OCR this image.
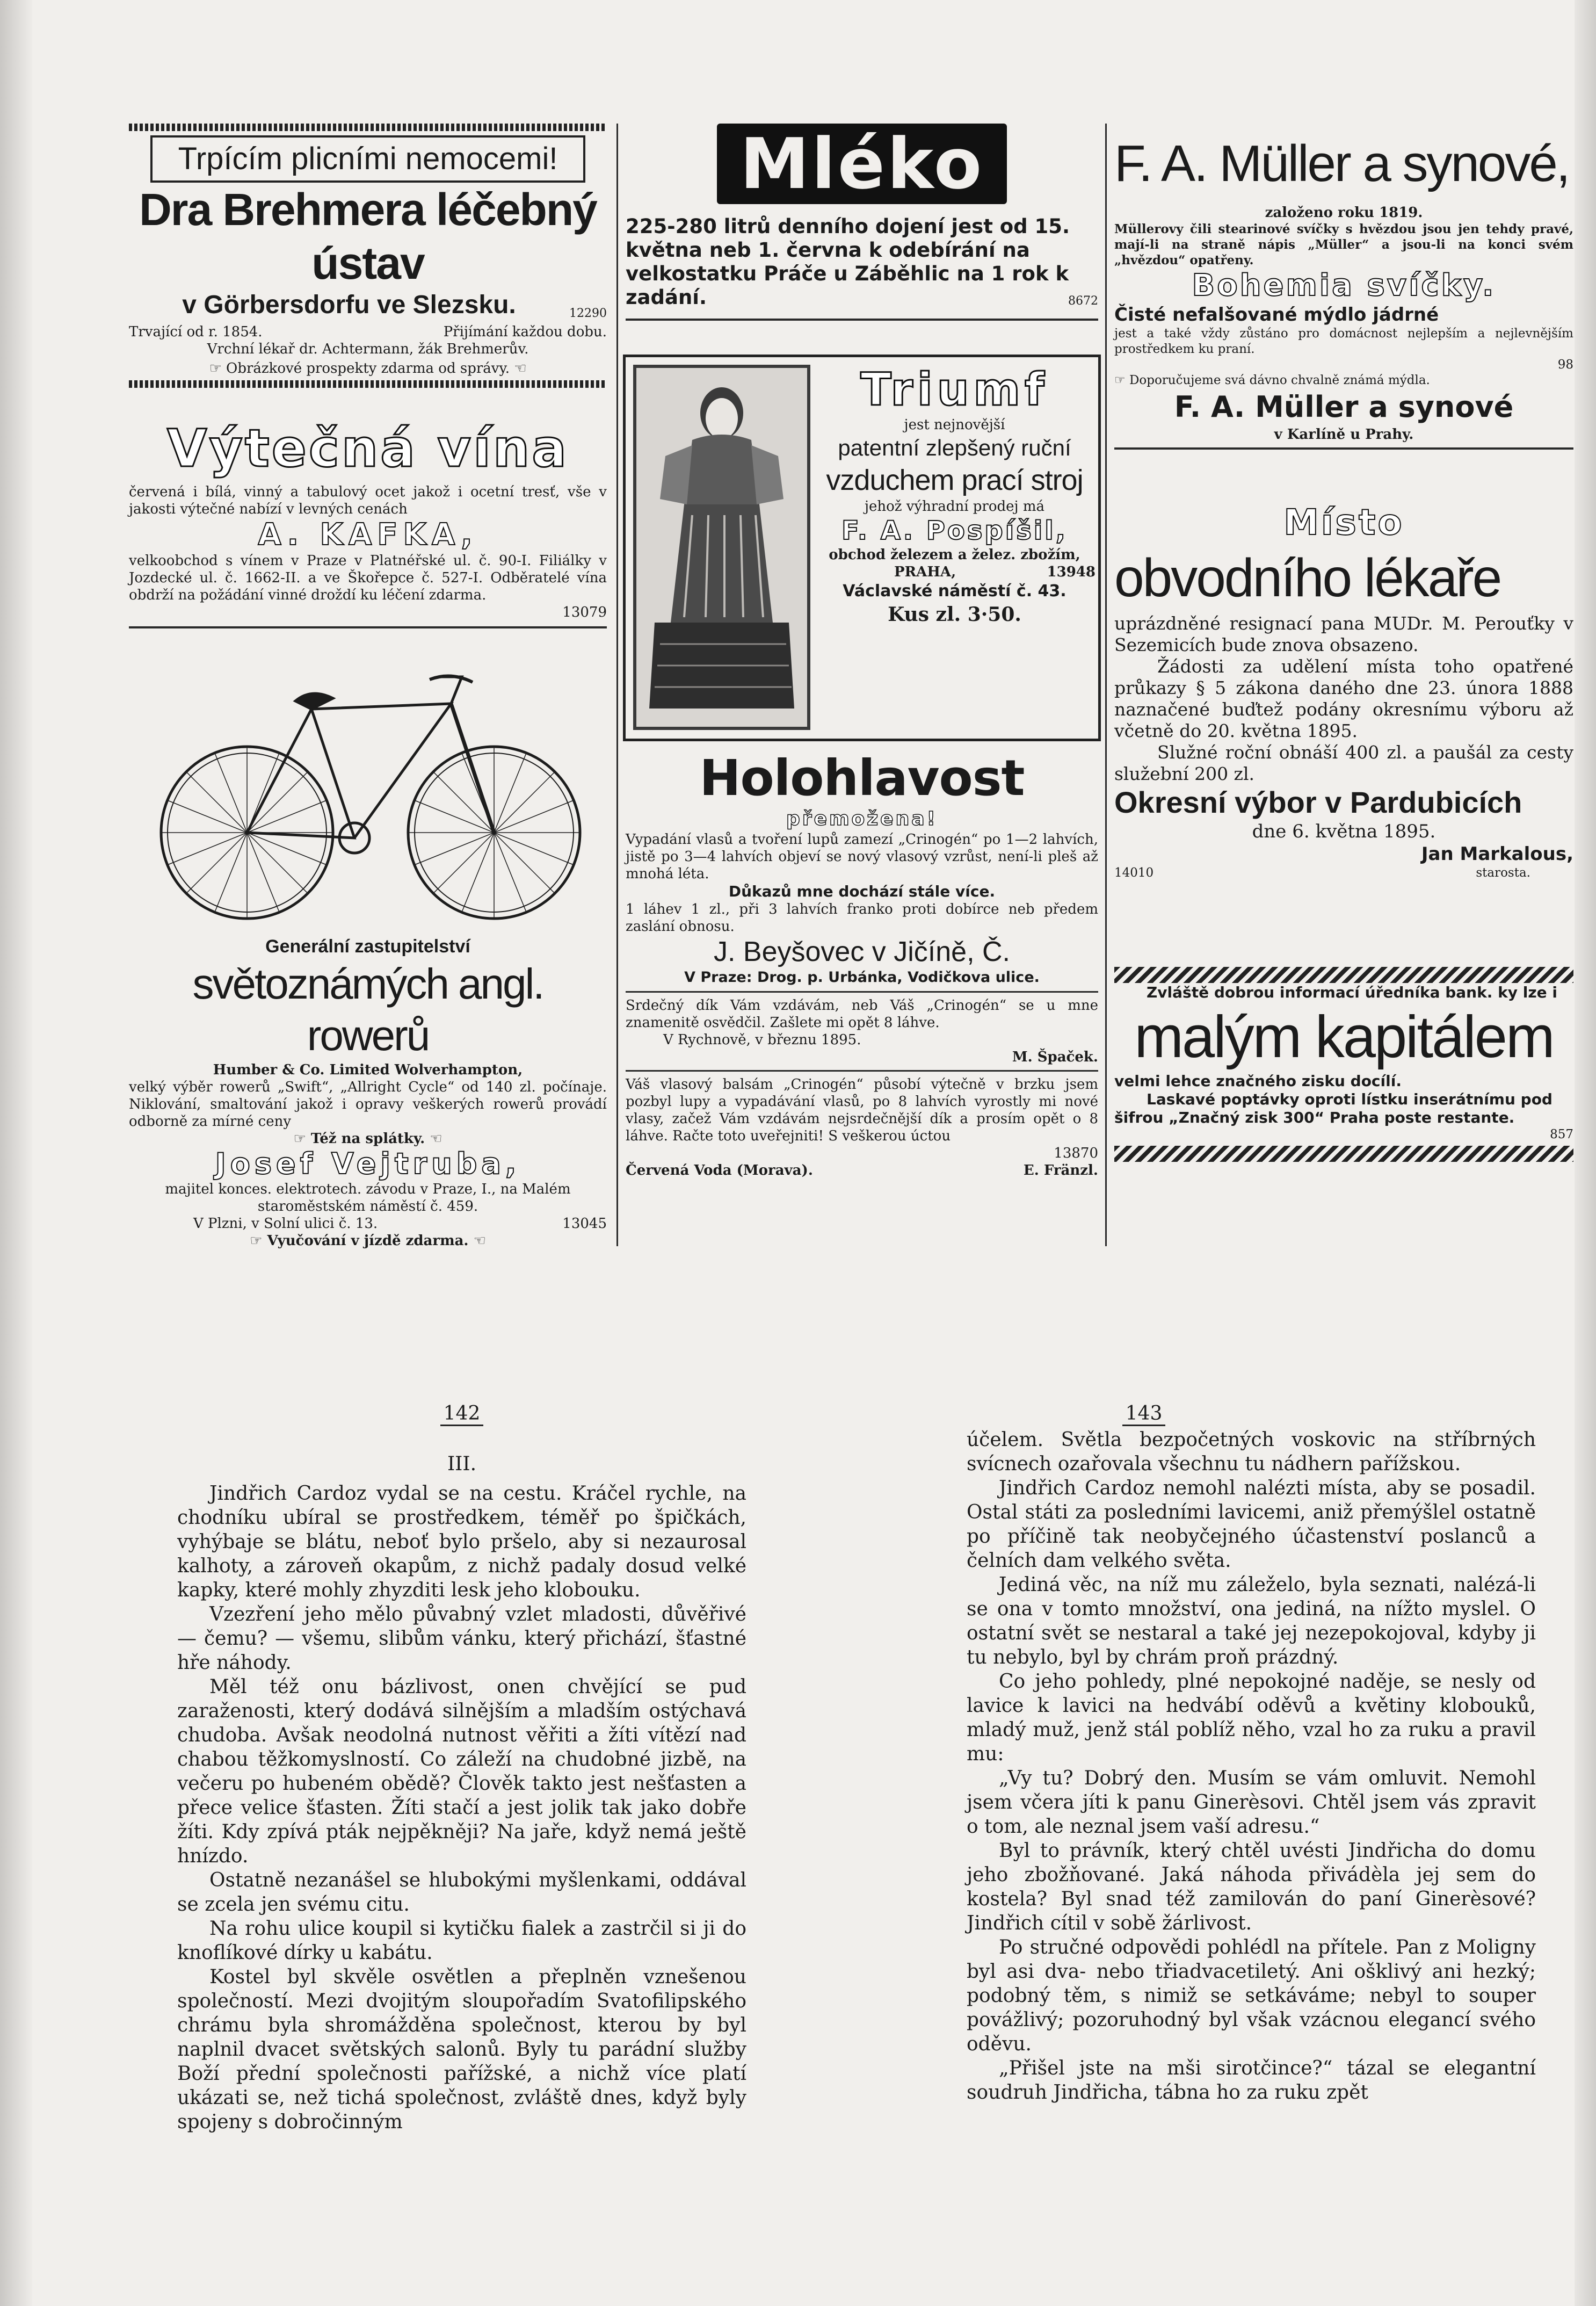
Trpícím plicními nemocemi!
Dra Brehmera léčebný ústav
v Görbersdorfu ve Slezsku.	12290
Trvající od r. 1854.	Přijímání každou dobu.
Vrchní lékař dr. Achtermann, žák Brehmerův.
☞ Obrázkové prospekty zdarma od správy. ☜
Výtečná vína
červená i bílá, vinný a tabulový ocet jakož i ocetní tresť, vše v jakosti výtečné nabízí v levných cenách
A. KAFKA,
velkoobchod s vínem v Praze v Platnéřské ul. č. 90-I. Filiálky v Jozdecké ul. č. 1662-II. a ve Škořepce č. 527-I. Odběratelé vína obdrží na požádání vinné droždí ku léčení zdarma.
13079
Generální zastupitelství
světoznámých angl. rowerů
Humber & Co. Limited Wolverhampton,
velký výběr rowerů „Swift“, „Allright Cycle“ od 140 zl. počínaje. Niklování, smaltování jakož i opravy veškerých rowerů provádí odborně za mírné ceny
☞ Též na splátky. ☜
Josef Vejtruba,
majitel konces. elektrotech. závodu v Praze, I., na Malém staroměstském náměstí č. 459.
V Plzni, v Solní ulici č. 13.	13045
☞ Vyučování v jízdě zdarma. ☜
Mléko
225-280 litrů denního dojení jest od 15. května neb 1. června k odebírání na velkostatku Práče u Záběhlic na 1 rok k zadání.	8672
Triumf
jest nejnovější
patentní zlepšený ruční
vzduchem prací stroj
jehož výhradní prodej má
F. A. Pospíšil,
obchod železem a želez. zbožím,
PRAHA,	13948
Václavské náměstí č. 43.
Kus zl. 3·50.
Holohlavost
přemožena!
Vypadání vlasů a tvoření lupů zamezí „Crinogén“ po 1—2 lahvích, jistě po 3—4 lahvích objeví se nový vlasový vzrůst, není-li pleš až mnohá léta.
Důkazů mne dochází stále více.
1 láhev 1 zl., při 3 lahvích franko proti dobírce neb předem zaslání obnosu.
J. Beyšovec v Jičíně, Č.
V Praze: Drog. p. Urbánka, Vodičkova ulice.
Srdečný dík Vám vzdávám, neb Váš „Crinogén“ se u mne znamenitě osvědčil. Zašlete mi opět 8 láhve.
V Rychnově, v březnu 1895.
M. Špaček.
Váš vlasový balsám „Crinogén“ působí výtečně v brzku jsem pozbyl lupy a vypadávání vlasů, po 8 lahvích vyrostly mi nové vlasy, začež Vám vzdávám nejsrdečnější dík a prosím opět o 8 láhve. Račte toto uveřejniti! S veškerou úctou
13870
Červená Voda (Morava).	E. Fränzl.
F. A. Müller a synové,
založeno roku 1819.
Müllerovy čili stearinové svíčky s hvězdou jsou jen tehdy pravé, mají-li na straně nápis „Müller“ a jsou-li na konci svém „hvězdou“ opatřeny.
Bohemia svíčky.
Čisté nefalšované mýdlo jádrné
jest a také vždy zůstáno pro domácnost nejlepším a nejlevnějším prostředkem ku praní.
98
☞ Doporučujeme svá dávno chvalně známá mýdla.
F. A. Müller a synové
v Karlíně u Prahy.
Místo
obvodního lékaře
uprázdněné resignací pana MUDr. M. Perouťky v Sezemicích bude znova obsazeno.
Žádosti za udělení místa toho opatřené průkazy § 5 zákona daného dne 23. února 1888 naznačené buďtež podány okresnímu výboru až včetně do 20. května 1895.
Služné roční obnáší 400 zl. a paušál za cesty služební 200 zl.
Okresní výbor v Pardubicích
dne 6. května 1895.
Jan Markalous,
14010	starosta.
Zvláště dobrou informací úředníka bank. ky lze i
malým kapitálem
velmi lehce značného zisku docílí.
Laskavé poptávky oproti lístku inserátnímu pod šifrou „Značný zisk 300“ Praha poste restante.
857
142
III.

Jindřich Cardoz vydal se na cestu. Kráčel rychle, na chodníku ubíral se prostředkem, téměř po špičkách, vyhýbaje se blátu, neboť bylo pršelo, aby si nezaurosal kalhoty, a zároveň okapům, z nichž padaly dosud velké kapky, které mohly zhyzditi lesk jeho klobouku.

Vzezření jeho mělo půvabný vzlet mladosti, důvěřivé — čemu? — všemu, slibům vánku, který přichází, šťastné hře náhody.

Měl též onu bázlivost, onen chvějící se pud zaraženosti, který dodává silnějším a mladším ostýchavá chudoba. Avšak neodolná nutnost věřiti a žíti vítězí nad chabou těžkomyslností. Co záleží na chudobné jizbě, na večeru po hubeném obědě? Člověk takto jest nešťasten a přece velice šťasten. Žíti stačí a jest jolik tak jako dobře žíti. Kdy zpívá pták nejpěkněji? Na jaře, když nemá ještě hnízdo.

Ostatně nezanášel se hlubokými myšlenkami, oddával se zcela jen svému citu.

Na rohu ulice koupil si kytičku fialek a zastrčil si ji do knoflíkové dírky u kabátu.

Kostel byl skvěle osvětlen a přeplněn vznešenou společností. Mezi dvojitým sloupořadím Svatofilipského chrámu byla shromážděna společnost, kterou by byl naplnil dvacet světských salonů. Byly tu parádní služby Boží přední společnosti pařížské, a nichž více platí ukázati se, než tichá společnost, zvláště dnes, když byly spojeny s dobročinným

143

účelem. Světla bezpočetných voskovic na stříbrných svícnech ozařovala všechnu tu nádhern pařížskou.

Jindřich Cardoz nemohl nalézti místa, aby se posadil. Ostal státi za posledními lavicemi, aniž přemýšlel ostatně po příčině tak neobyčejného účastenství poslanců a čelních dam velkého světa.

Jediná věc, na níž mu záleželo, byla seznati, nalézá-li se ona v tomto množství, ona jediná, na nížto myslel. O ostatní svět se nestaral a také jej nezepokojoval, kdyby ji tu nebylo, byl by chrám proň prázdný.

Co jeho pohledy, plné nepokojné naděje, se nesly od lavice k lavici na hedvábí oděvů a květiny klobouků, mladý muž, jenž stál poblíž něho, vzal ho za ruku a pravil mu:

„Vy tu? Dobrý den. Musím se vám omluvit. Nemohl jsem včera jíti k panu Ginerèsovi. Chtěl jsem vás zpravit o tom, ale neznal jsem vaší adresu.“

Byl to právník, který chtěl uvésti Jindřicha do domu jeho zbožňované. Jaká náhoda přivádèla jej sem do kostela? Byl snad též zamilován do paní Ginerèsové? Jindřich cítil v sobě žárlivost.

Po stručné odpovědi pohlédl na přítele. Pan z Moligny byl asi dva- nebo třiadvacetiletý. Ani ošklivý ani hezký; podobný těm, s nimiž se setkáváme; nebyl to souper povážlivý; pozoruhodný byl však vzácnou elegancí svého oděvu.

„Přišel jste na mši sirotčince?“ tázal se elegantní soudruh Jindřicha, tábna ho za ruku zpět
